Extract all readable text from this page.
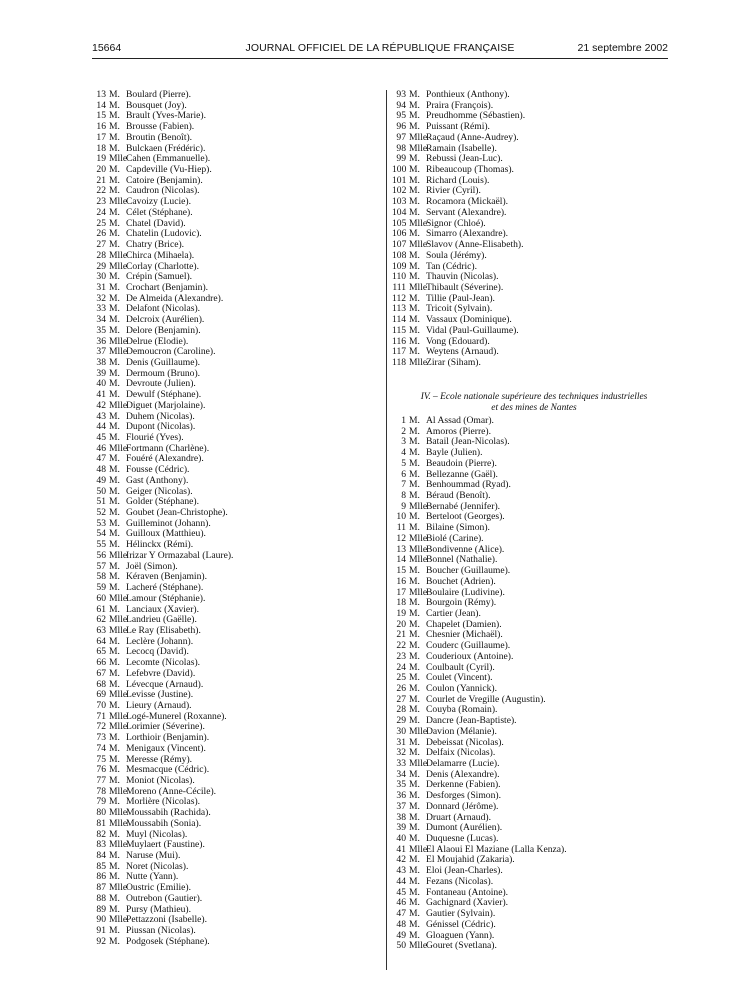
15664	JOURNAL OFFICIEL DE LA RÉPUBLIQUE FRANÇAISE	21 septembre 2002
13 M. Boulard (Pierre).
14 M. Bousquet (Joy).
15 M. Brault (Yves-Marie).
16 M. Brousse (Fabien).
17 M. Broutin (Benoît).
18 M. Bulckaen (Frédéric).
19 Mlle
Cahen (Emmanuelle).
20 M. Capdeville (Vu-Hiep).
21 M. Catoire (Benjamin).
22 M. Caudron (Nicolas).
23 Mlle
Cavoizy (Lucie).
24 M. Célet (Stéphane).
25 M. Chatel (David).
26 M. Chatelin (Ludovic).
27 M. Chatry (Brice).
28 Mlle
Chirca (Mihaela).
29 Mlle
Corlay (Charlotte).
30 M. Crépin (Samuel).
31 M. Crochart (Benjamin).
32 M. De Almeida (Alexandre).
33 M. Delafont (Nicolas).
34 M. Delcroix (Aurélien).
35 M. Delore (Benjamin).
36 Mlle
Delrue (Elodie).
37 Mlle
Demoucron (Caroline).
38 M. Denis (Guillaume).
39 M. Dermoum (Bruno).
40 M. Devroute (Julien).
41 M. Dewulf (Stéphane).
42 Mlle
Diguet (Marjolaine).
43 M. Duhem (Nicolas).
44 M. Dupont (Nicolas).
45 M. Flourié (Yves).
46 Mlle
Fortmann (Charlène).
47 M. Fouéré (Alexandre).
48 M. Fousse (Cédric).
49 M. Gast (Anthony).
50 M. Geiger (Nicolas).
51 M. Golder (Stéphane).
52 M. Goubet (Jean-Christophe).
53 M. Guilleminot (Johann).
54 M. Guilloux (Matthieu).
55 M. Hélinckx (Rémi).
56 Mlle
Irizar Y Ormazabal (Laure).
57 M. Joël (Simon).
58 M. Kéraven (Benjamin).
59 M. Lacheré (Stéphane).
60 Mlle
Lamour (Stéphanie).
61 M. Lanciaux (Xavier).
62 Mlle
Landrieu (Gaëlle).
63 Mlle
Le Ray (Elisabeth).
64 M. Leclère (Johann).
65 M. Lecocq (David).
66 M. Lecomte (Nicolas).
67 M. Lefebvre (David).
68 M. Lévecque (Arnaud).
69 Mlle
Levisse (Justine).
70 M. Lieury (Arnaud).
71 Mlle
Logé-Munerel (Roxanne).
72 Mlle
Lorimier (Séverine).
73 M. Lorthioir (Benjamin).
74 M. Menigaux (Vincent).
75 M. Meresse (Rémy).
76 M. Mesmacque (Cédric).
77 M. Moniot (Nicolas).
78 Mlle
Moreno (Anne-Cécile).
79 M. Morlière (Nicolas).
80 Mlle
Moussabih (Rachida).
81 Mlle
Moussabih (Sonia).
82 M. Muyl (Nicolas).
83 Mlle
Muylaert (Faustine).
84 M. Naruse (Mui).
85 M. Noret (Nicolas).
86 M. Nutte (Yann).
87 Mlle
Oustric (Emilie).
88 M. Outrebon (Gautier).
89 M. Pursy (Mathieu).
90 Mlle
Pettazzoni (Isabelle).
91 M. Piussan (Nicolas).
92 M. Podgosek (Stéphane).
93 M. Ponthieux (Anthony).
94 M. Praira (François).
95 M. Preudhomme (Sébastien).
96 M. Puissant (Rémi).
97 Mlle
Raçaud (Anne-Audrey).
98 Mlle
Ramain (Isabelle).
99 M. Rebussi (Jean-Luc).
100 M. Ribeaucoup (Thomas).
101 M. Richard (Louis).
102 M. Rivier (Cyril).
103 M. Rocamora (Mickaël).
104 M. Servant (Alexandre).
105 Mlle
Signor (Chloé).
106 M. Simarro (Alexandre).
107 Mlle
Slavov (Anne-Elisabeth).
108 M. Soula (Jérémy).
109 M. Tan (Cédric).
110 M. Thauvin (Nicolas).
111 Mlle
Thibault (Séverine).
112 M. Tillie (Paul-Jean).
113 M. Tricoit (Sylvain).
114 M. Vassaux (Dominique).
115 M. Vidal (Paul-Guillaume).
116 M. Vong (Edouard).
117 M. Weytens (Arnaud).
118 Mlle
Zirar (Siham).
IV. – Ecole nationale supérieure des techniques industrielles
et des mines de Nantes
1 M. Al Assad (Omar).
2 M. Amoros (Pierre).
3 M. Batail (Jean-Nicolas).
4 M. Bayle (Julien).
5 M. Beaudoin (Pierre).
6 M. Bellezanne (Gaël).
7 M. Benhoummad (Ryad).
8 M. Béraud (Benoît).
9 Mlle
Bernabé (Jennifer).
10 M. Berteloot (Georges).
11 M. Bilaine (Simon).
12 Mlle
Biolé (Carine).
13 Mlle
Bondivenne (Alice).
14 Mlle
Bonnel (Nathalie).
15 M. Boucher (Guillaume).
16 M. Bouchet (Adrien).
17 Mlle
Boulaire (Ludivine).
18 M. Bourgoin (Rémy).
19 M. Cartier (Jean).
20 M. Chapelet (Damien).
21 M. Chesnier (Michaël).
22 M. Couderc (Guillaume).
23 M. Couderioux (Antoine).
24 M. Coulbault (Cyril).
25 M. Coulet (Vincent).
26 M. Coulon (Yannick).
27 M. Courlet de Vregille (Augustin).
28 M. Couyba (Romain).
29 M. Dancre (Jean-Baptiste).
30 Mlle
Davion (Mélanie).
31 M. Debeissat (Nicolas).
32 M. Delfaix (Nicolas).
33 Mlle
Delamarre (Lucie).
34 M. Denis (Alexandre).
35 M. Derkenne (Fabien).
36 M. Desforges (Simon).
37 M. Donnard (Jérôme).
38 M. Druart (Arnaud).
39 M. Dumont (Aurélien).
40 M. Duquesne (Lucas).
41 Mlle
El Alaoui El Maziane (Lalla Kenza).
42 M. El Moujahid (Zakaria).
43 M. Eloi (Jean-Charles).
44 M. Fezans (Nicolas).
45 M. Fontaneau (Antoine).
46 M. Gachignard (Xavier).
47 M. Gautier (Sylvain).
48 M. Génissel (Cédric).
49 M. Gloaguen (Yann).
50 Mlle
Gouret (Svetlana).
